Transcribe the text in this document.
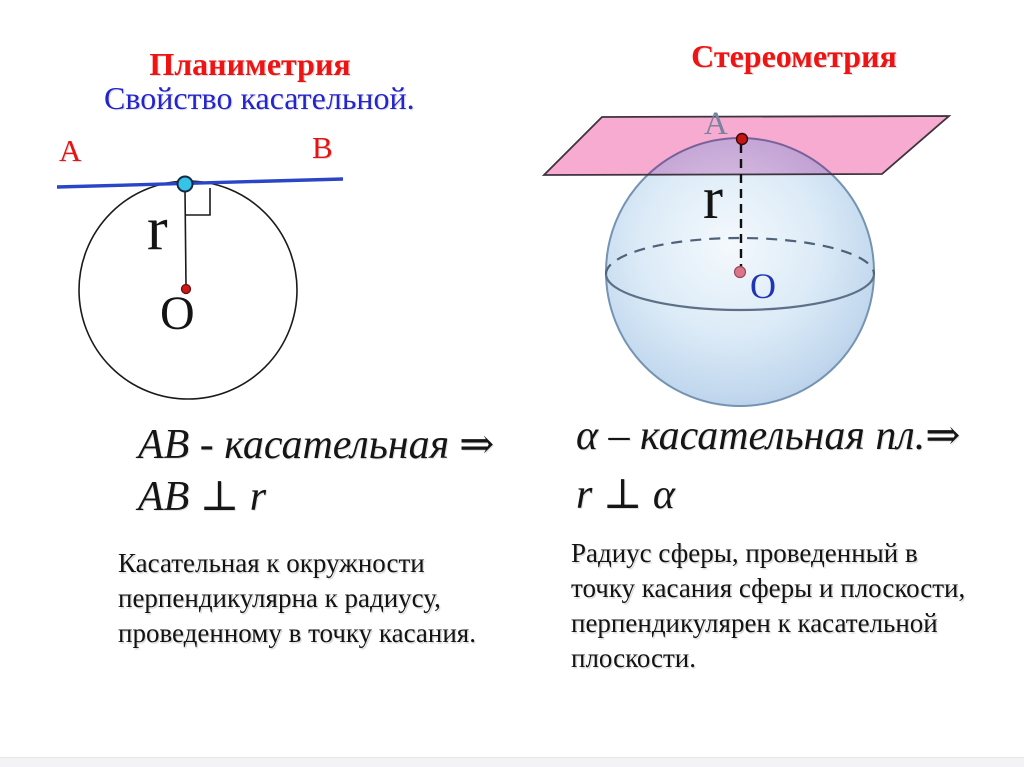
Планиметрия
Свойство касательной.
A	B
r
O
AB - касательная ⇒
AB ⊥ r
Касательная к окружности
перпендикулярна к радиусу,
проведенному в точку касания.
Стереометрия
A
r
O
α – касательная пл.⇒
r ⊥ α
Радиус сферы, проведенный в
точку касания сферы и плоскости,
перпендикулярен к касательной
плоскости.
